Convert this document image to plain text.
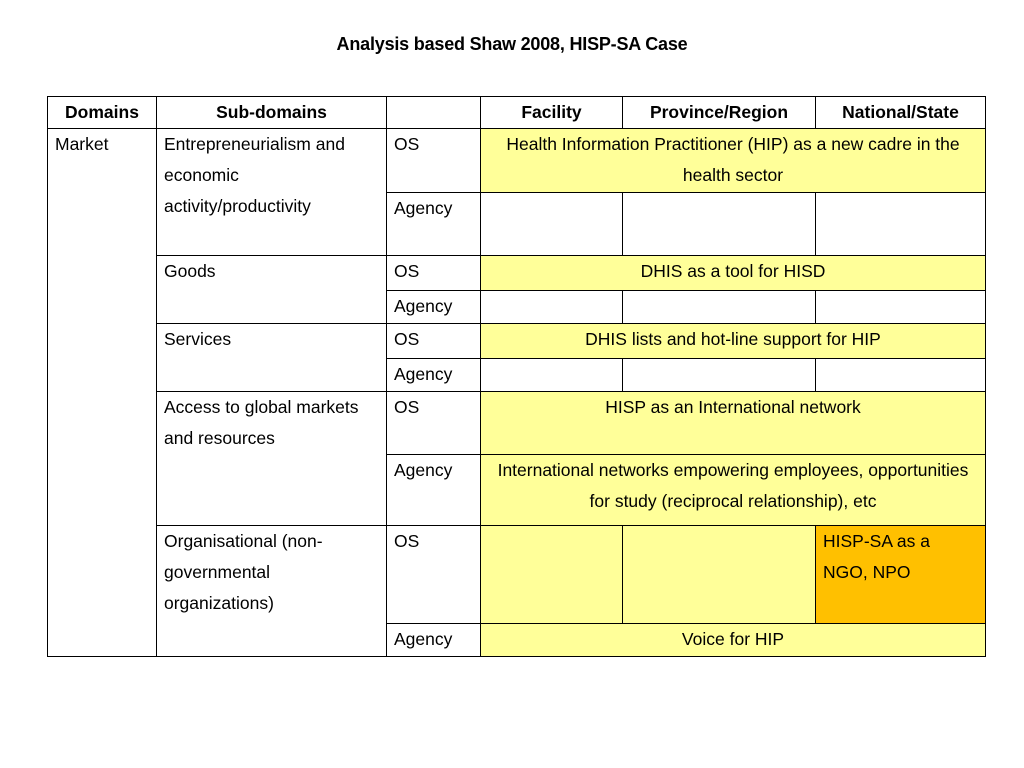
Analysis based Shaw 2008, HISP-SA Case
Domains	Sub-domains		Facility	Province/Region	National/State
Market	Entrepreneurialism and economic activity/productivity	OS	Health Information Practitioner (HIP) as a new cadre in the health sector		
		Agency			
	Goods	OS	DHIS as a tool for HISD		
		Agency			
	Services	OS	DHIS lists and hot-line support for HIP		
		Agency			
	Access to global markets and resources	OS	HISP as an International network		
		Agency	International networks empowering employees, opportunities for study (reciprocal relationship), etc		
	Organisational (non-governmental organizations)	OS			HISP-SA as a NGO, NPO
		Agency	Voice for HIP		
